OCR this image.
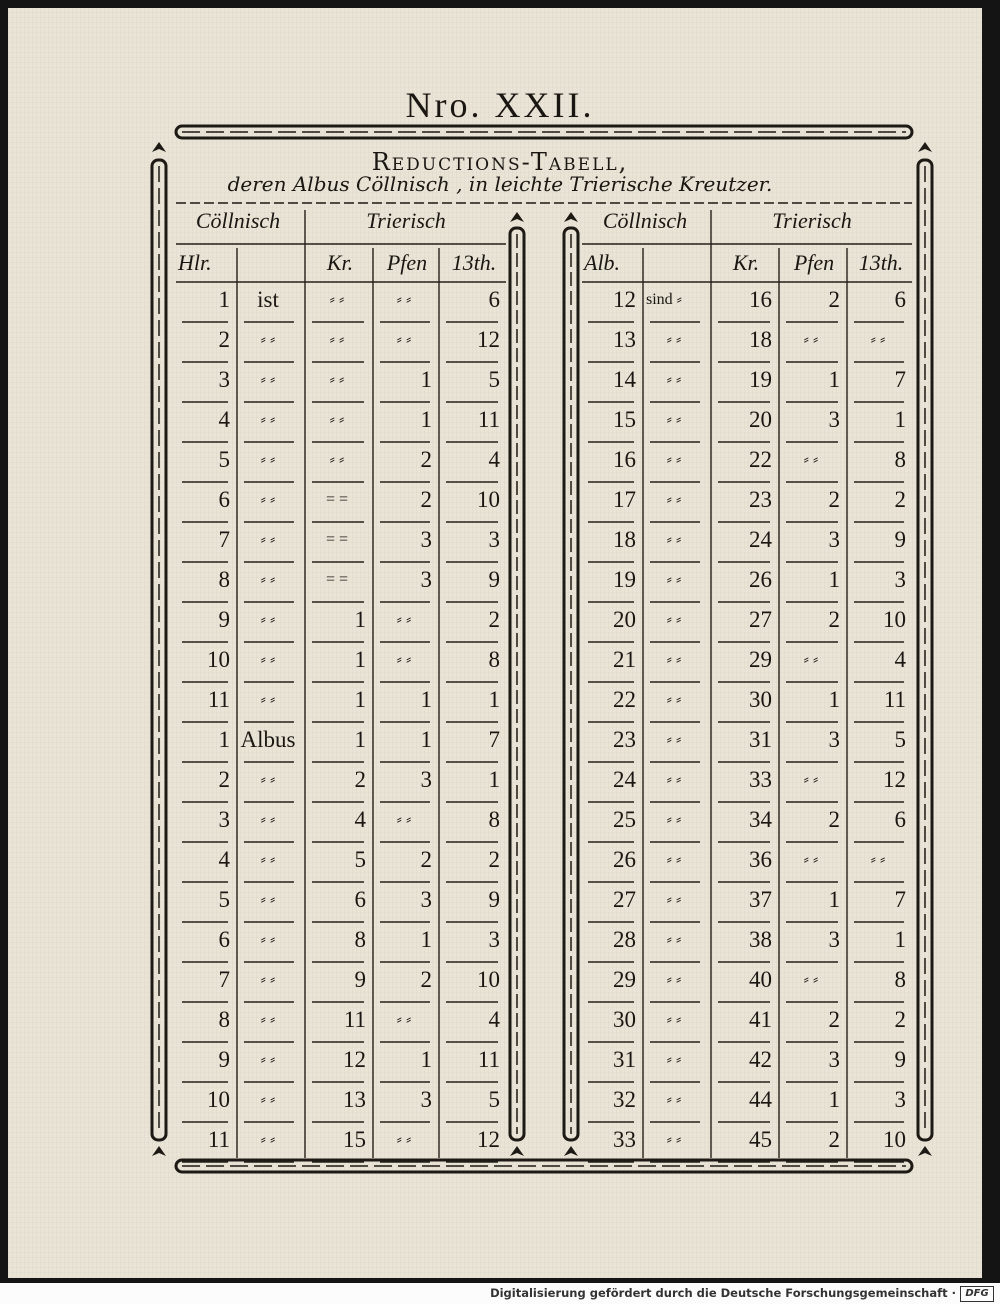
Nro. XXII.
Reductions-Tabell,
deren Albus Cöllnisch , in leichte Trierische Kreutzer.
Cöllnisch	Trierisch
Hlr.	Kr.	Pfen	13th.
1	ist	⸗ ⸗	⸗ ⸗	6
2	⸗ ⸗	⸗ ⸗	⸗ ⸗	12
3	⸗ ⸗	⸗ ⸗	1	5
4	⸗ ⸗	⸗ ⸗	1	11
5	⸗ ⸗	⸗ ⸗	2	4
6	⸗ ⸗	= =	2	10
7	⸗ ⸗	= =	3	3
8	⸗ ⸗	= =	3	9
9	⸗ ⸗	1	⸗ ⸗	2
10	⸗ ⸗	1	⸗ ⸗	8
11	⸗ ⸗	1	1	1
1 Albus	1	1	7
2	⸗ ⸗	2	3	1
3	⸗ ⸗	4	⸗ ⸗	8
4	⸗ ⸗	5	2	2
5	⸗ ⸗	6	3	9
6	⸗ ⸗	8	1	3
7	⸗ ⸗	9	2	10
8	⸗ ⸗	11	⸗ ⸗	4
9	⸗ ⸗	12	1	11
10	⸗ ⸗	13	3	5
11	⸗ ⸗	15	⸗ ⸗	12
Cöllnisch	Trierisch
Alb.	Kr.	Pfen	13th.
12 sind ⸗	16	2	6
13	⸗ ⸗	18	⸗ ⸗	⸗ ⸗
14	⸗ ⸗	19	1	7
15	⸗ ⸗	20	3	1
16	⸗ ⸗	22	⸗ ⸗	8
17	⸗ ⸗	23	2	2
18	⸗ ⸗	24	3	9
19	⸗ ⸗	26	1	3
20	⸗ ⸗	27	2	10
21	⸗ ⸗	29	⸗ ⸗	4
22	⸗ ⸗	30	1	11
23	⸗ ⸗	31	3	5
24	⸗ ⸗	33	⸗ ⸗	12
25	⸗ ⸗	34	2	6
26	⸗ ⸗	36	⸗ ⸗	⸗ ⸗
27	⸗ ⸗	37	1	7
28	⸗ ⸗	38	3	1
29	⸗ ⸗	40	⸗ ⸗	8
30	⸗ ⸗	41	2	2
31	⸗ ⸗	42	3	9
32	⸗ ⸗	44	1	3
33	⸗ ⸗	45	2	10
Digitalisierung gefördert durch die Deutsche Forschungsgemeinschaft · DFG
